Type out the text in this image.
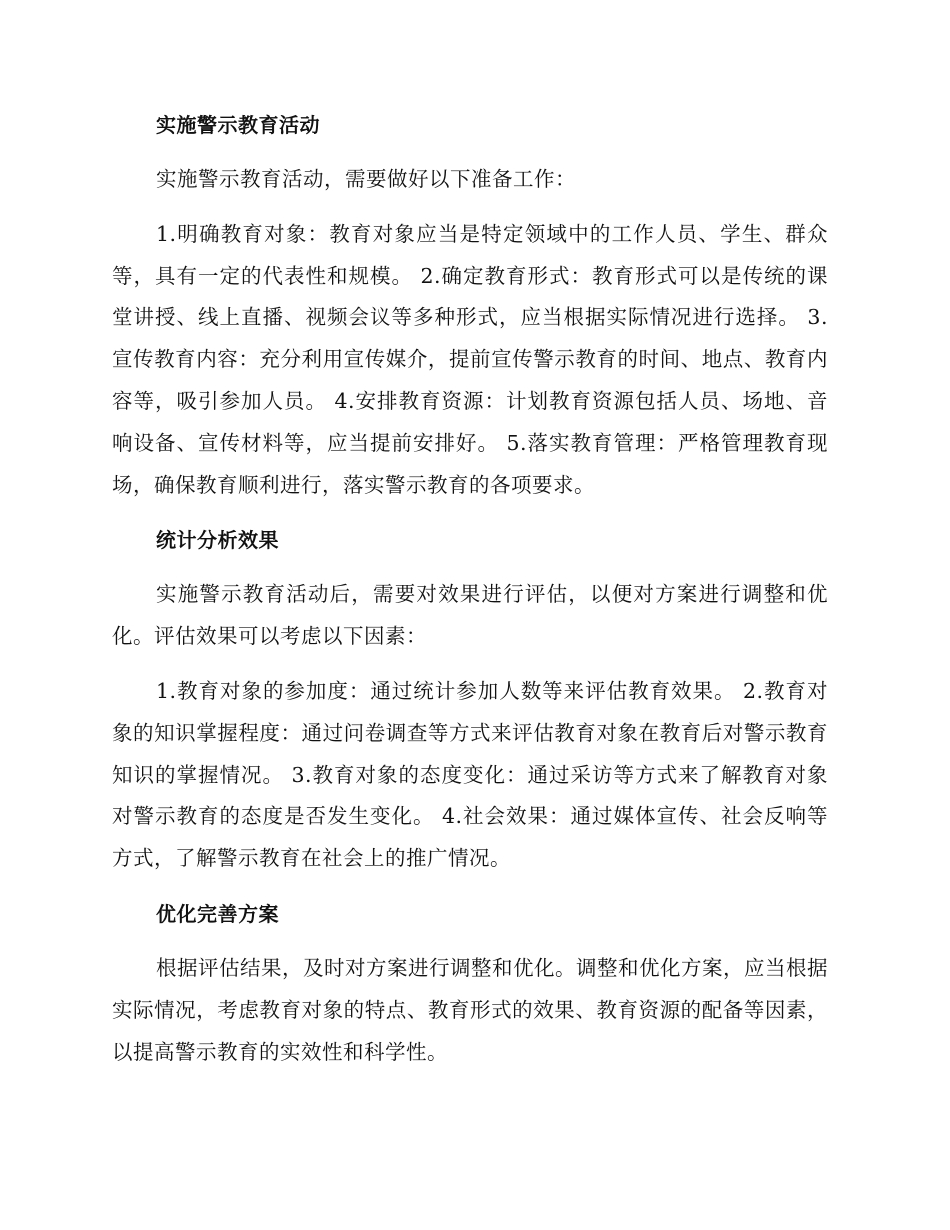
实施警示教育活动

实施警示教育活动，需要做好以下准备工作：

1.明确教育对象：教育对象应当是特定领域中的工作人员、学生、群众等，具有一定的代表性和规模。 2.确定教育形式：教育形式可以是传统的课堂讲授、线上直播、视频会议等多种形式，应当根据实际情况进行选择。 3.宣传教育内容：充分利用宣传媒介，提前宣传警示教育的时间、地点、教育内容等，吸引参加人员。 4.安排教育资源：计划教育资源包括人员、场地、音响设备、宣传材料等，应当提前安排好。 5.落实教育管理：严格管理教育现场，确保教育顺利进行，落实警示教育的各项要求。

统计分析效果

实施警示教育活动后，需要对效果进行评估，以便对方案进行调整和优化。评估效果可以考虑以下因素：

1.教育对象的参加度：通过统计参加人数等来评估教育效果。 2.教育对象的知识掌握程度：通过问卷调查等方式来评估教育对象在教育后对警示教育知识的掌握情况。 3.教育对象的态度变化：通过采访等方式来了解教育对象对警示教育的态度是否发生变化。 4.社会效果：通过媒体宣传、社会反响等方式，了解警示教育在社会上的推广情况。

优化完善方案

根据评估结果，及时对方案进行调整和优化。调整和优化方案，应当根据实际情况，考虑教育对象的特点、教育形式的效果、教育资源的配备等因素，以提高警示教育的实效性和科学性。
